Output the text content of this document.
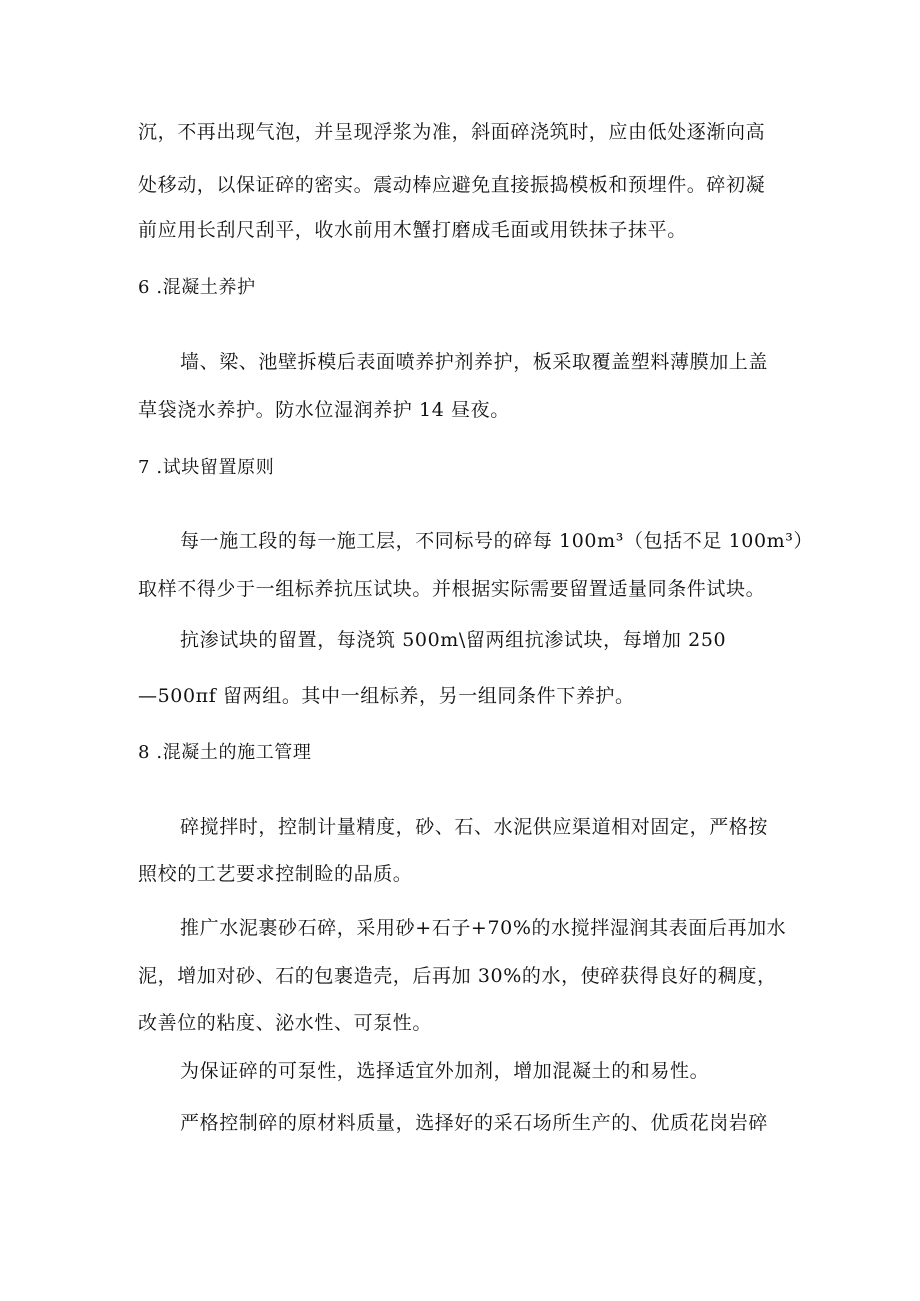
沉，不再出现气泡，并呈现浮浆为准，斜面碎浇筑时，应由低处逐渐向高
处移动，以保证碎的密实。震动棒应避免直接振捣模板和预埋件。碎初凝
前应用长刮尺刮平，收水前用木蟹打磨成毛面或用铁抹子抹平。
6 .混凝土养护
墙、梁、池壁拆模后表面喷养护剂养护，板采取覆盖塑料薄膜加上盖
草袋浇水养护。防水位湿润养护 14 昼夜。
7 .试块留置原则
每一施工段的每一施工层，不同标号的碎每 100m³（包括不足 100m³）
取样不得少于一组标养抗压试块。并根据实际需要留置适量同条件试块。
抗渗试块的留置，每浇筑 500m\留两组抗渗试块，每增加 250
—500πf 留两组。其中一组标养，另一组同条件下养护。
8 .混凝土的施工管理
碎搅拌时，控制计量精度，砂、石、水泥供应渠道相对固定，严格按
照校的工艺要求控制睑的品质。
推广水泥裹砂石碎，采用砂+石子+70%的水搅拌湿润其表面后再加水
泥，增加对砂、石的包裹造壳，后再加 30%的水，使碎获得良好的稠度，
改善位的粘度、泌水性、可泵性。
为保证碎的可泵性，选择适宜外加剂，增加混凝土的和易性。
严格控制碎的原材料质量，选择好的采石场所生产的、优质花岗岩碎
